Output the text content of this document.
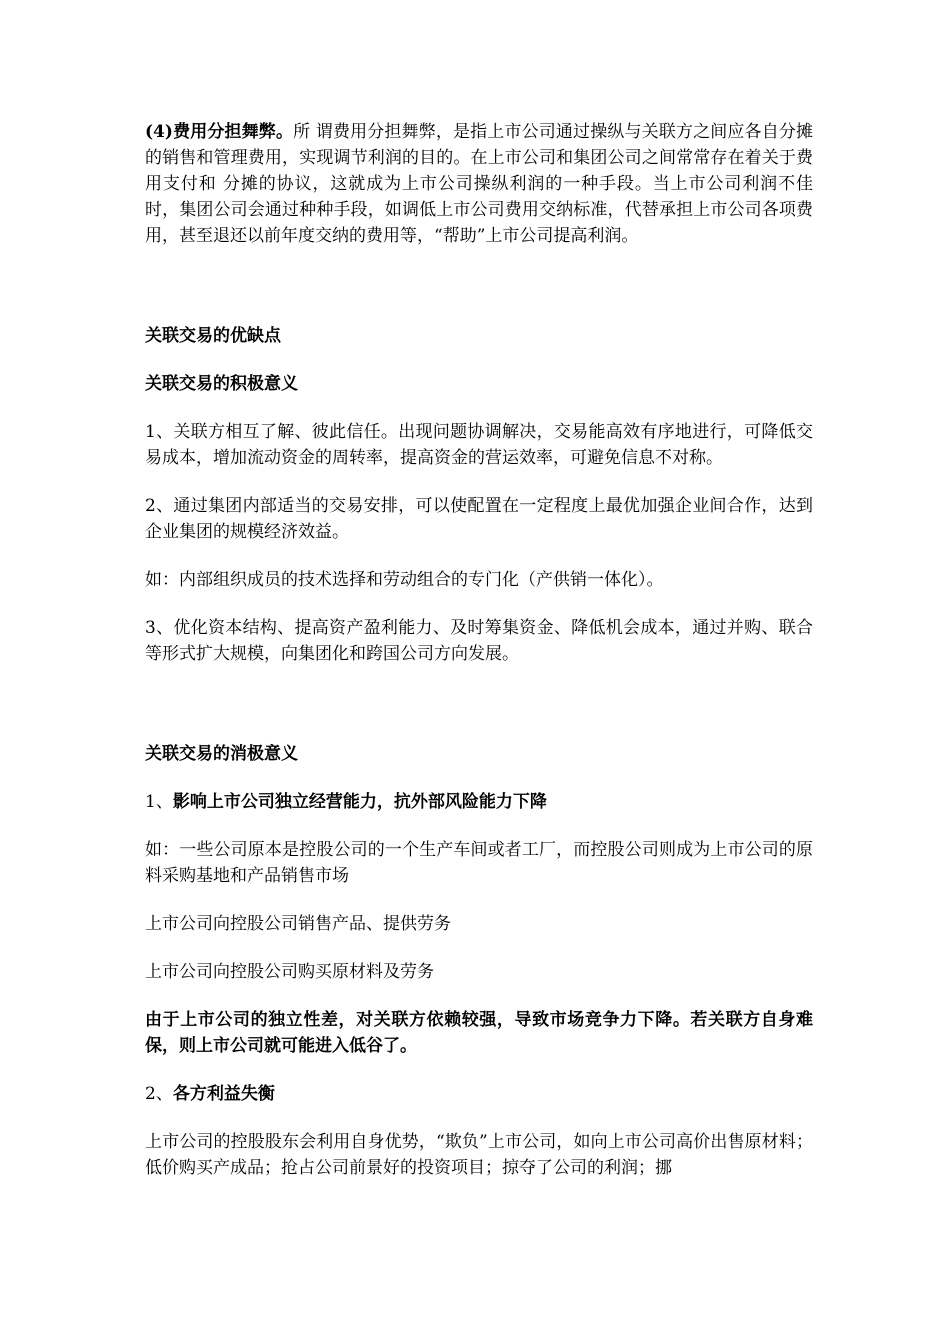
(4)费用分担舞弊。所 谓费用分担舞弊，是指上市公司通过操纵与关联方之间应各自分摊的销售和管理费用，实现调节利润的目的。在上市公司和集团公司之间常常存在着关于费用支付和 分摊的协议，这就成为上市公司操纵利润的一种手段。当上市公司利润不佳时，集团公司会通过种种手段，如调低上市公司费用交纳标准，代替承担上市公司各项费 用，甚至退还以前年度交纳的费用等，“帮助”上市公司提高利润。

关联交易的优缺点

关联交易的积极意义

1、关联方相互了解、彼此信任。出现问题协调解决，交易能高效有序地进行，可降低交易成本，增加流动资金的周转率，提高资金的营运效率，可避免信息不对称。

2、通过集团内部适当的交易安排，可以使配置在一定程度上最优加强企业间合作，达到企业集团的规模经济效益。

如：内部组织成员的技术选择和劳动组合的专门化（产供销一体化）。

3、优化资本结构、提高资产盈利能力、及时筹集资金、降低机会成本，通过并购、联合等形式扩大规模，向集团化和跨国公司方向发展。

关联交易的消极意义

1、影响上市公司独立经营能力，抗外部风险能力下降

如：一些公司原本是控股公司的一个生产车间或者工厂，而控股公司则成为上市公司的原料采购基地和产品销售市场

上市公司向控股公司销售产品、提供劳务

上市公司向控股公司购买原材料及劳务

由于上市公司的独立性差，对关联方依赖较强，导致市场竞争力下降。若关联方自身难保，则上市公司就可能进入低谷了。

2、各方利益失衡

上市公司的控股股东会利用自身优势，“欺负”上市公司，如向上市公司高价出售原材料；低价购买产成品；抢占公司前景好的投资项目；掠夺了公司的利润；挪
